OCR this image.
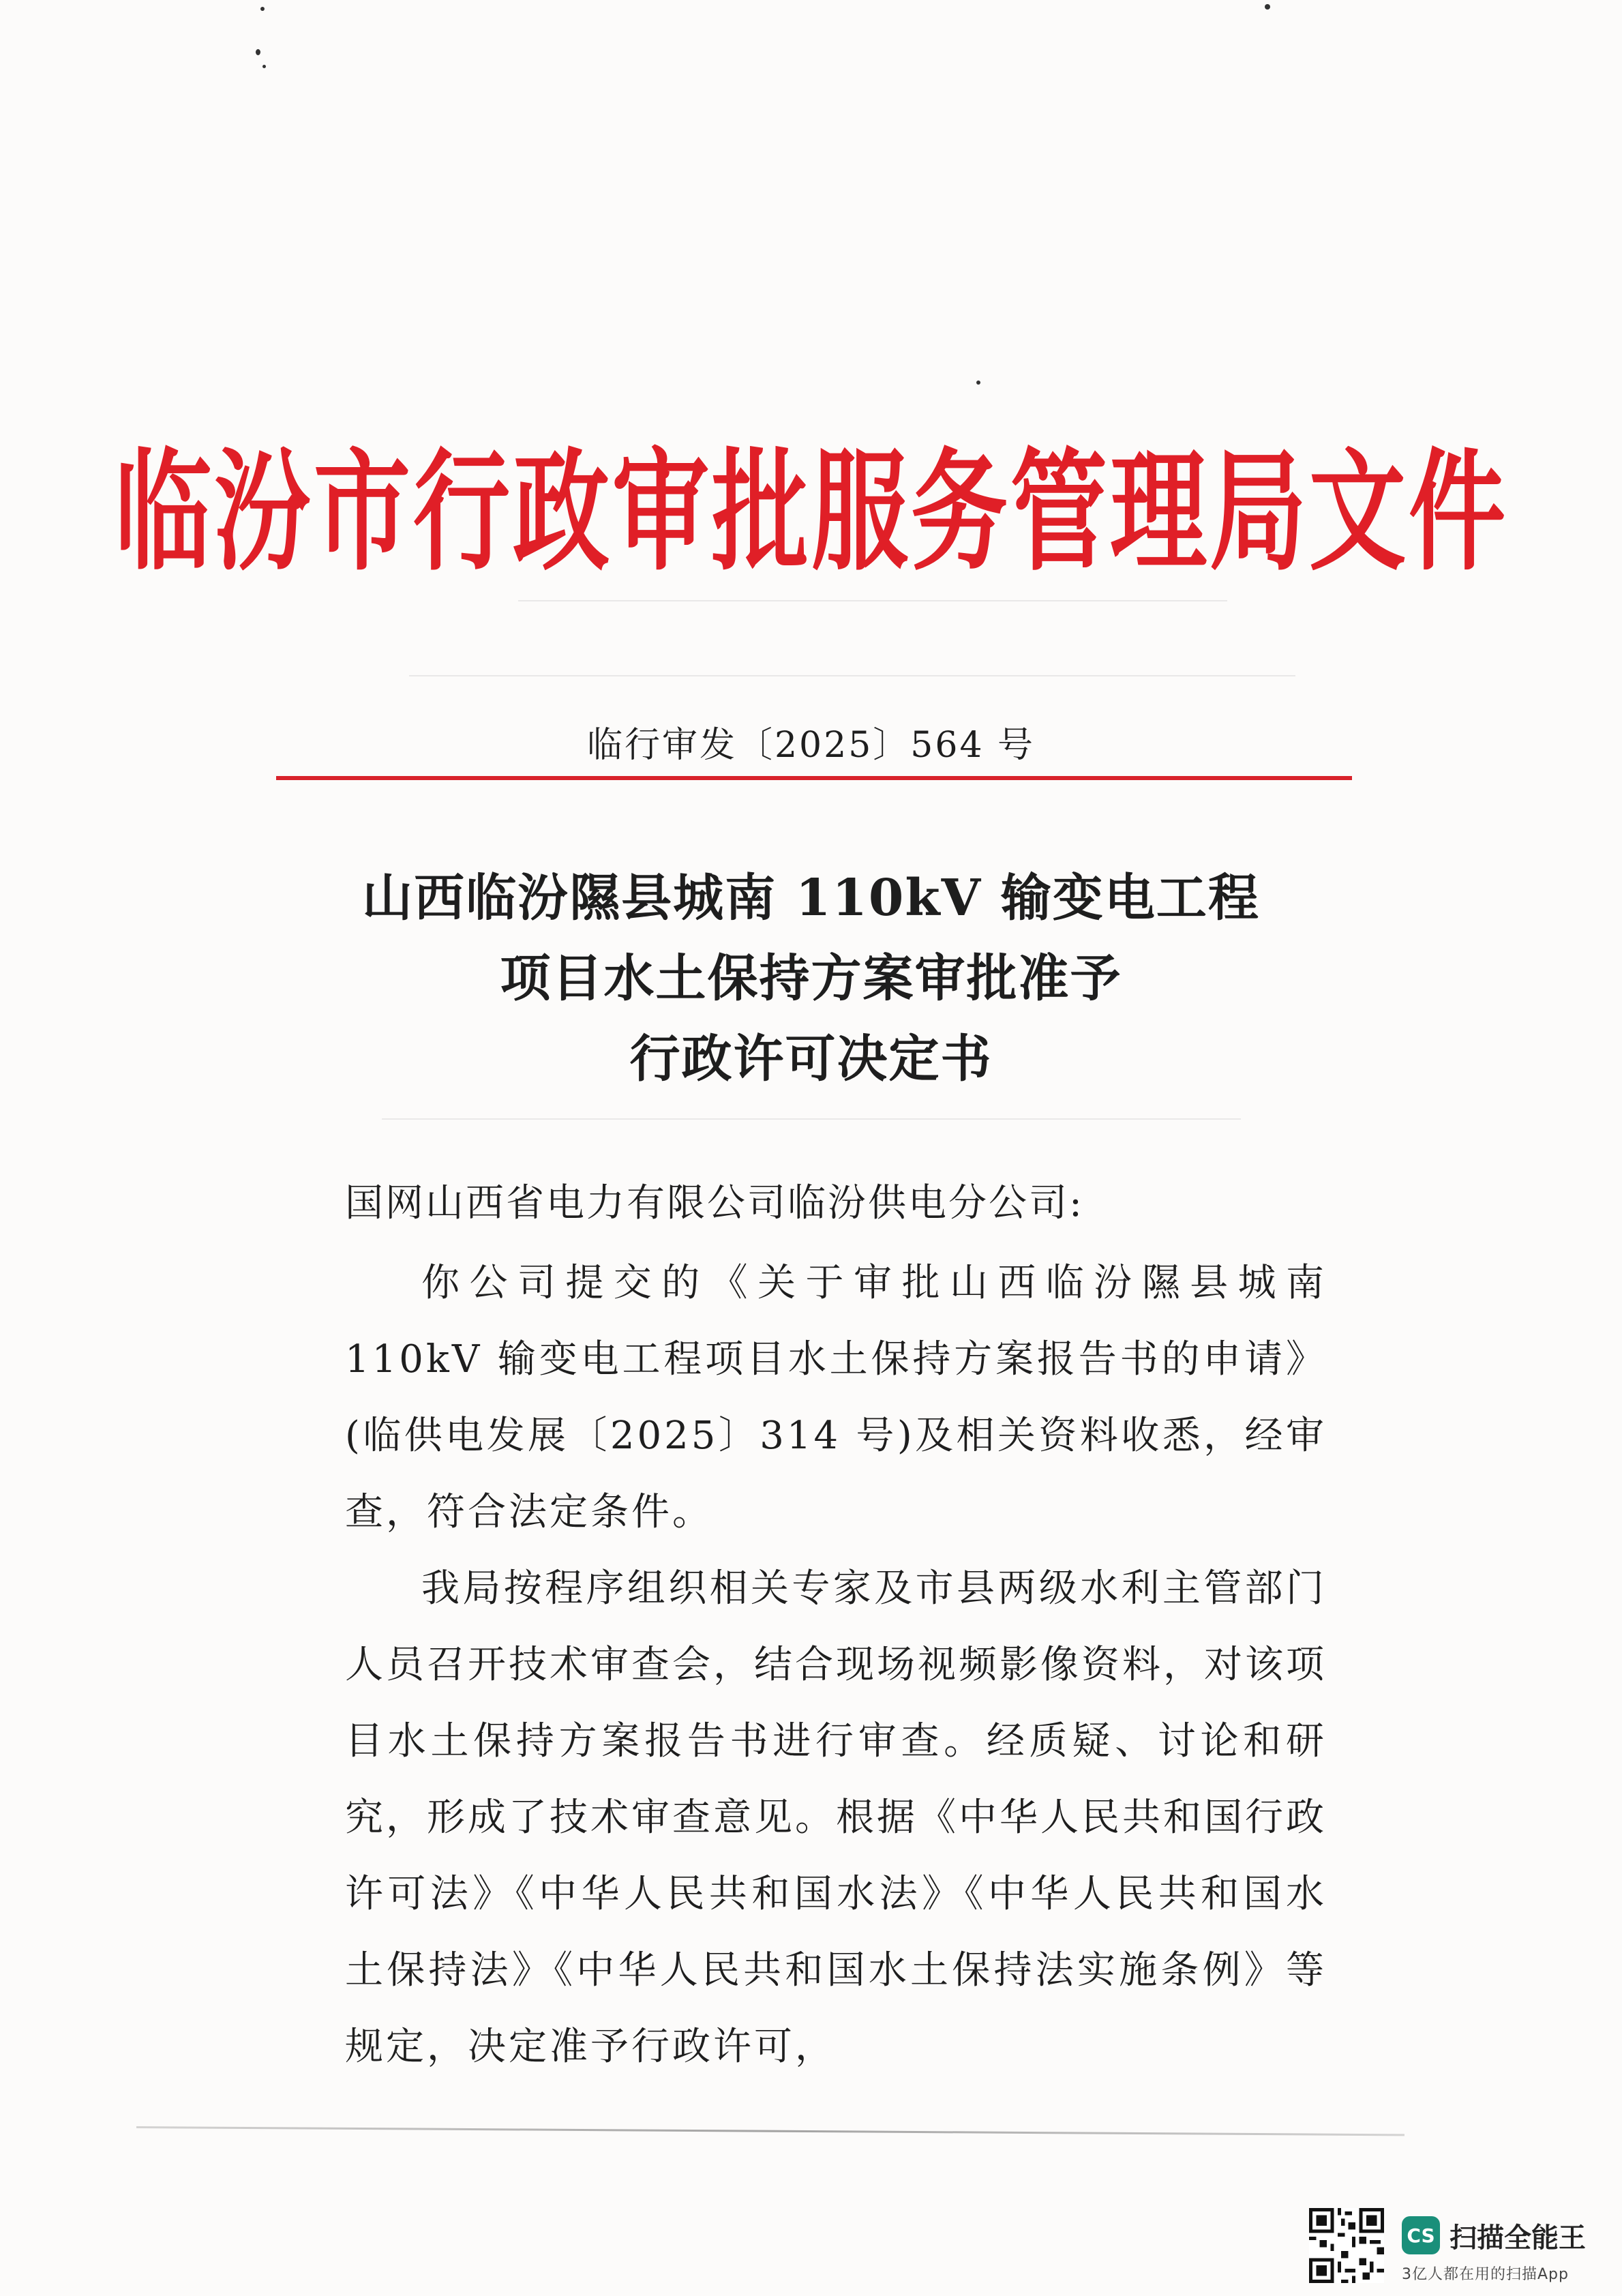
临汾市行政审批服务管理局文件
临行审发〔2025〕564 号
山西临汾隰县城南 110kV 输变电工程
项目水土保持方案审批准予
行政许可决定书
国网山西省电力有限公司临汾供电分公司:

你公司提交的《关于审批山西临汾隰县城南 110kV 输变电工程项目水土保持方案报告书的申请》(临供电发展〔2025〕314 号)及相关资料收悉，经审查，符合法定条件。

我局按程序组织相关专家及市县两级水利主管部门人员召开技术审查会，结合现场视频影像资料，对该项目水土保持方案报告书进行审查。经质疑、讨论和研究，形成了技术审查意见。根据《中华人民共和国行政许可法》《中华人民共和国水法》《中华人民共和国水土保持法》《中华人民共和国水土保持法实施条例》等规定，决定准予行政许可，

CS 扫描全能王
3亿人都在用的扫描App
